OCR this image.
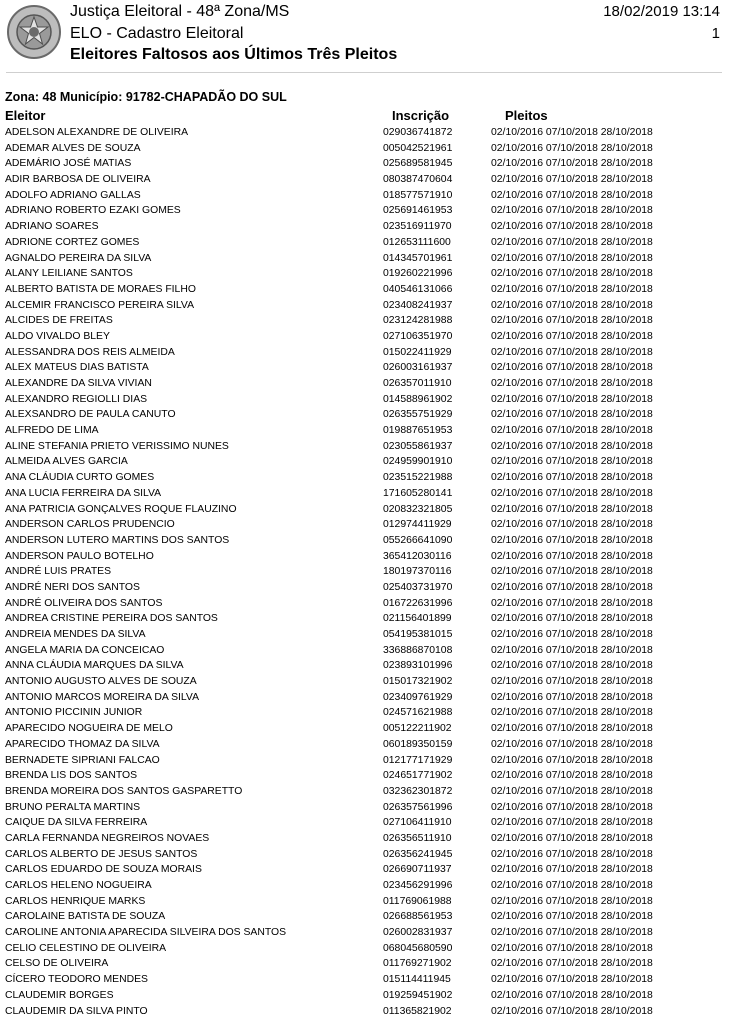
Justiça Eleitoral - 48ª Zona/MS
ELO - Cadastro Eleitoral
Eleitores Faltosos aos Últimos Três Pleitos
18/02/2019 13:14
1
Zona: 48 Município: 91782-CHAPADÃO DO SUL
Eleitor	Inscrição	Pleitos
ADELSON ALEXANDRE DE OLIVEIRA	029036741872	02/10/2016 07/10/2018 28/10/2018
ADEMAR ALVES DE SOUZA	005042521961	02/10/2016 07/10/2018 28/10/2018
ADEMÁRIO JOSÉ MATIAS	025689581945	02/10/2016 07/10/2018 28/10/2018
ADIR BARBOSA DE OLIVEIRA	080387470604	02/10/2016 07/10/2018 28/10/2018
ADOLFO ADRIANO GALLAS	018577571910	02/10/2016 07/10/2018 28/10/2018
ADRIANO ROBERTO EZAKI GOMES	025691461953	02/10/2016 07/10/2018 28/10/2018
ADRIANO SOARES	023516911970	02/10/2016 07/10/2018 28/10/2018
ADRIONE CORTEZ GOMES	012653111600	02/10/2016 07/10/2018 28/10/2018
AGNALDO PEREIRA DA SILVA	014345701961	02/10/2016 07/10/2018 28/10/2018
ALANY LEILIANE SANTOS	019260221996	02/10/2016 07/10/2018 28/10/2018
ALBERTO BATISTA DE MORAES FILHO	040546131066	02/10/2016 07/10/2018 28/10/2018
ALCEMIR FRANCISCO PEREIRA SILVA	023408241937	02/10/2016 07/10/2018 28/10/2018
ALCIDES DE FREITAS	023124281988	02/10/2016 07/10/2018 28/10/2018
ALDO VIVALDO BLEY	027106351970	02/10/2016 07/10/2018 28/10/2018
ALESSANDRA DOS REIS ALMEIDA	015022411929	02/10/2016 07/10/2018 28/10/2018
ALEX MATEUS DIAS BATISTA	026003161937	02/10/2016 07/10/2018 28/10/2018
ALEXANDRE DA SILVA VIVIAN	026357011910	02/10/2016 07/10/2018 28/10/2018
ALEXANDRO REGIOLLI DIAS	014588961902	02/10/2016 07/10/2018 28/10/2018
ALEXSANDRO DE PAULA CANUTO	026355751929	02/10/2016 07/10/2018 28/10/2018
ALFREDO DE LIMA	019887651953	02/10/2016 07/10/2018 28/10/2018
ALINE STEFANIA PRIETO VERISSIMO NUNES	023055861937	02/10/2016 07/10/2018 28/10/2018
ALMEIDA ALVES GARCIA	024959901910	02/10/2016 07/10/2018 28/10/2018
ANA CLÁUDIA CURTO GOMES	023515221988	02/10/2016 07/10/2018 28/10/2018
ANA LUCIA FERREIRA DA SILVA	171605280141	02/10/2016 07/10/2018 28/10/2018
ANA PATRICIA GONÇALVES ROQUE FLAUZINO	020832321805	02/10/2016 07/10/2018 28/10/2018
ANDERSON CARLOS PRUDENCIO	012974411929	02/10/2016 07/10/2018 28/10/2018
ANDERSON LUTERO MARTINS DOS SANTOS	055266641090	02/10/2016 07/10/2018 28/10/2018
ANDERSON PAULO BOTELHO	365412030116	02/10/2016 07/10/2018 28/10/2018
ANDRÉ LUIS PRATES	180197370116	02/10/2016 07/10/2018 28/10/2018
ANDRÉ NERI DOS SANTOS	025403731970	02/10/2016 07/10/2018 28/10/2018
ANDRÉ OLIVEIRA DOS SANTOS	016722631996	02/10/2016 07/10/2018 28/10/2018
ANDREA CRISTINE PEREIRA DOS SANTOS	021156401899	02/10/2016 07/10/2018 28/10/2018
ANDREIA MENDES DA SILVA	054195381015	02/10/2016 07/10/2018 28/10/2018
ANGELA MARIA DA CONCEICAO	336886870108	02/10/2016 07/10/2018 28/10/2018
ANNA CLÁUDIA MARQUES DA SILVA	023893101996	02/10/2016 07/10/2018 28/10/2018
ANTONIO AUGUSTO ALVES DE SOUZA	015017321902	02/10/2016 07/10/2018 28/10/2018
ANTONIO MARCOS MOREIRA DA SILVA	023409761929	02/10/2016 07/10/2018 28/10/2018
ANTONIO PICCININ JUNIOR	024571621988	02/10/2016 07/10/2018 28/10/2018
APARECIDO NOGUEIRA DE MELO	005122211902	02/10/2016 07/10/2018 28/10/2018
APARECIDO THOMAZ DA SILVA	060189350159	02/10/2016 07/10/2018 28/10/2018
BERNADETE SIPRIANI FALCAO	012177171929	02/10/2016 07/10/2018 28/10/2018
BRENDA LIS DOS SANTOS	024651771902	02/10/2016 07/10/2018 28/10/2018
BRENDA MOREIRA DOS SANTOS GASPARETTO	032362301872	02/10/2016 07/10/2018 28/10/2018
BRUNO PERALTA MARTINS	026357561996	02/10/2016 07/10/2018 28/10/2018
CAIQUE DA SILVA FERREIRA	027106411910	02/10/2016 07/10/2018 28/10/2018
CARLA FERNANDA NEGREIROS NOVAES	026356511910	02/10/2016 07/10/2018 28/10/2018
CARLOS ALBERTO DE JESUS SANTOS	026356241945	02/10/2016 07/10/2018 28/10/2018
CARLOS EDUARDO DE SOUZA MORAIS	026690711937	02/10/2016 07/10/2018 28/10/2018
CARLOS HELENO NOGUEIRA	023456291996	02/10/2016 07/10/2018 28/10/2018
CARLOS HENRIQUE MARKS	011769061988	02/10/2016 07/10/2018 28/10/2018
CAROLAINE BATISTA DE SOUZA	026688561953	02/10/2016 07/10/2018 28/10/2018
CAROLINE ANTONIA APARECIDA SILVEIRA DOS SANTOS	026002831937	02/10/2016 07/10/2018 28/10/2018
CELIO CELESTINO DE OLIVEIRA	068045680590	02/10/2016 07/10/2018 28/10/2018
CELSO DE OLIVEIRA	011769271902	02/10/2016 07/10/2018 28/10/2018
CÍCERO TEODORO MENDES	015114411945	02/10/2016 07/10/2018 28/10/2018
CLAUDEMIR BORGES	019259451902	02/10/2016 07/10/2018 28/10/2018
CLAUDEMIR DA SILVA PINTO	011365821902	02/10/2016 07/10/2018 28/10/2018
